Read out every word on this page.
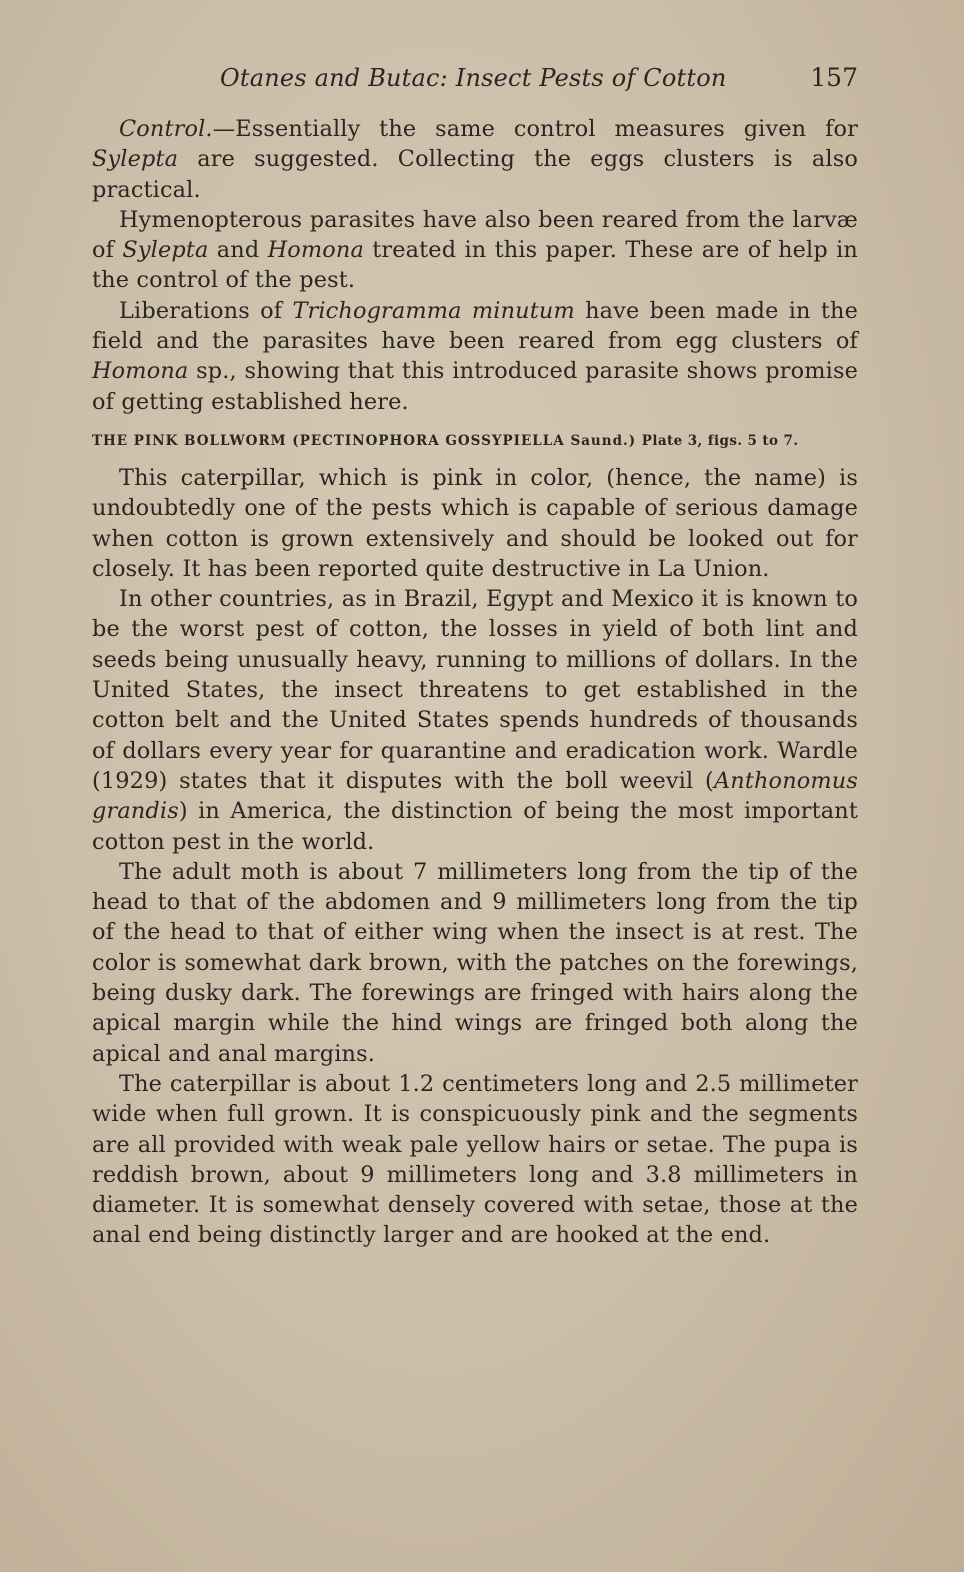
Otanes and Butac: Insect Pests of Cotton	157

Control.—Essentially the same control measures given for Sylepta are suggested. Collecting the eggs clusters is also practical.

Hymenopterous parasites have also been reared from the larvæ of Sylepta and Homona treated in this paper. These are of help in the control of the pest.

Liberations of Trichogramma minutum have been made in the field and the parasites have been reared from egg clusters of Homona sp., showing that this introduced parasite shows promise of getting established here.

THE PINK BOLLWORM (PECTINOPHORA GOSSYPIELLA Saund.) Plate 3, figs. 5 to 7.

This caterpillar, which is pink in color, (hence, the name) is undoubtedly one of the pests which is capable of serious damage when cotton is grown extensively and should be looked out for closely. It has been reported quite destructive in La Union.

In other countries, as in Brazil, Egypt and Mexico it is known to be the worst pest of cotton, the losses in yield of both lint and seeds being unusually heavy, running to millions of dollars. In the United States, the insect threatens to get established in the cotton belt and the United States spends hundreds of thousands of dollars every year for quarantine and eradication work. Wardle (1929) states that it disputes with the boll weevil (Anthonomus grandis) in America, the distinction of being the most important cotton pest in the world.

The adult moth is about 7 millimeters long from the tip of the head to that of the abdomen and 9 millimeters long from the tip of the head to that of either wing when the insect is at rest. The color is somewhat dark brown, with the patches on the forewings, being dusky dark. The forewings are fringed with hairs along the apical margin while the hind wings are fringed both along the apical and anal margins.

The caterpillar is about 1.2 centimeters long and 2.5 millimeter wide when full grown. It is conspicuously pink and the segments are all provided with weak pale yellow hairs or setae. The pupa is reddish brown, about 9 millimeters long and 3.8 millimeters in diameter. It is somewhat densely covered with setae, those at the anal end being distinctly larger and are hooked at the end.
